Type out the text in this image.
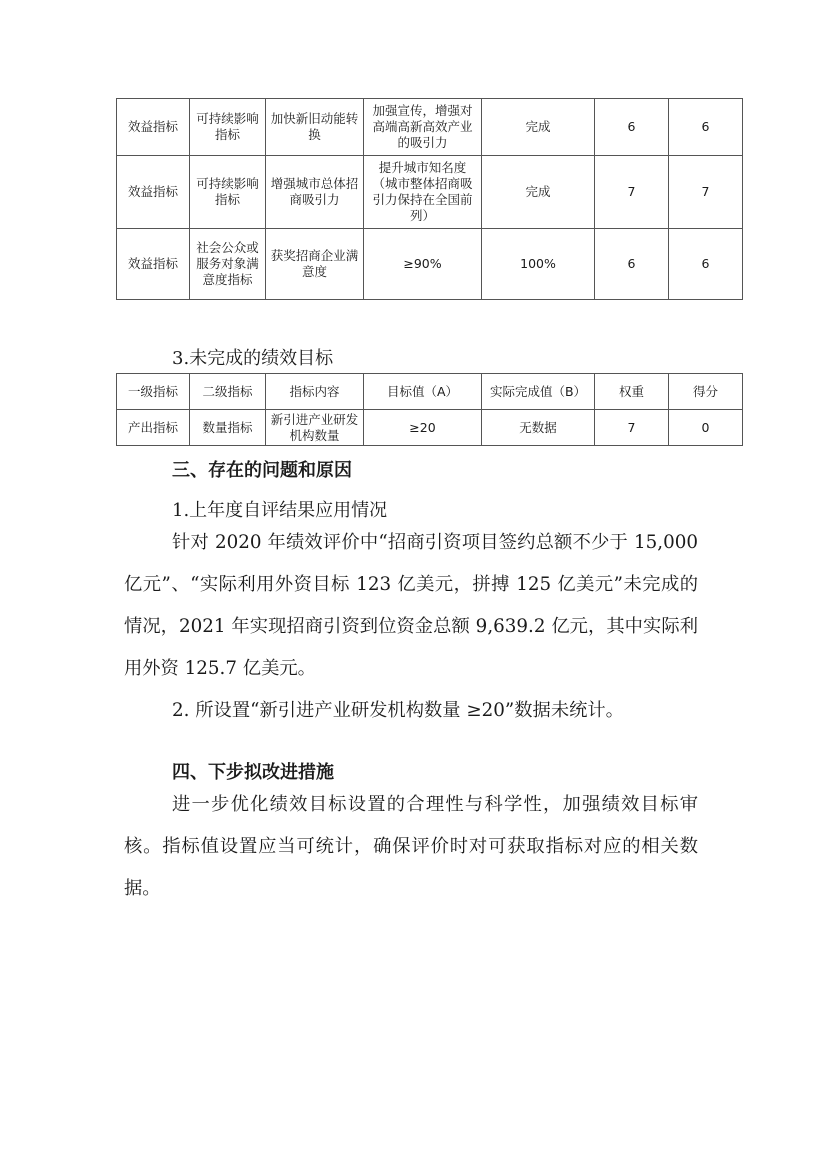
效益指标	可持续影响指标	加快新旧动能转换	加强宣传，增强对高端高新高效产业的吸引力	完成	6	6
效益指标	可持续影响指标	增强城市总体招商吸引力	提升城市知名度（城市整体招商吸引力保持在全国前列）	完成	7	7
效益指标	社会公众或服务对象满意度指标	获奖招商企业满意度	≥90%	100%	6	6
3.未完成的绩效目标
一级指标	二级指标	指标内容	目标值（A）	实际完成值（B）	权重	得分
产出指标	数量指标	新引进产业研发机构数量	≥20	无数据	7	0
三、存在的问题和原因
1.上年度自评结果应用情况

针对 2020 年绩效评价中“招商引资项目签约总额不少于 15,000 亿元”、“实际利用外资目标 123 亿美元，拼搏 125 亿美元”未完成的情况，2021 年实现招商引资到位资金总额 9,639.2 亿元，其中实际利用外资 125.7 亿美元。

2. 所设置“新引进产业研发机构数量 ≥20”数据未统计。

四、下步拟改进措施

进一步优化绩效目标设置的合理性与科学性，加强绩效目标审核。指标值设置应当可统计，确保评价时对可获取指标对应的相关数据。
